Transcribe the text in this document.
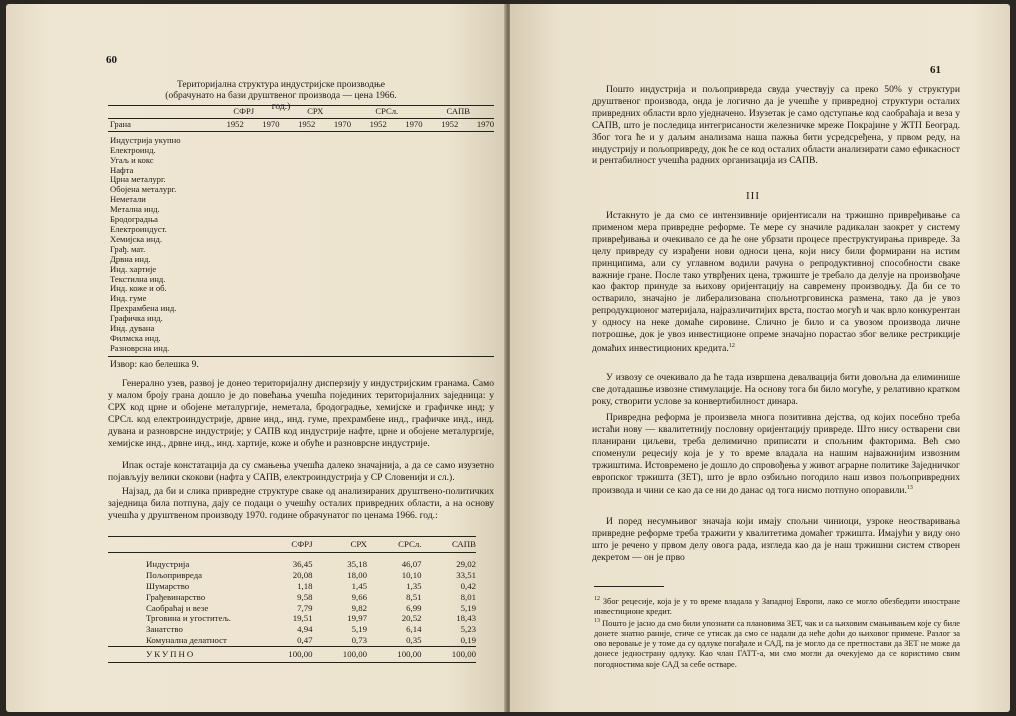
60
Територијална структура индустријске производње
(обрачунато на бази друштвеног производа — цена 1966. год.)
	СФРЈ		СРХ		СРСл.		САПВ	
Грана	1952	1970	1952	1970	1952	1970	1952	1970
Индустрија укупно								
Електроинд.								
Угаљ и кокс								
Нафта								
Црна металург.								
Обојена металург.								
Неметали								
Метална инд.								
Бродоградња								
Електроиндуст.								
Хемијска инд.								
Грађ. мат.								
Дрвна инд.								
Инд. хартије								
Текстилна инд.								
Инд. коже и об.								
Инд. гуме								
Прехрамбена инд.								
Графичка инд.								
Инд. дувана								
Филмска инд.								
Разноврсна инд.								
Извор: као белешка 9.
Генерално узев, развој је донео територијалну дисперзију у индустријским гранама. Само у малом броју грана дошло је до повећања учешћа појединих територијалних заједница: у СРХ код црне и обојене металургије, неметала, бродоградње, хемијске и графичке инд; у СРСл. код електроиндустрије, дрвне инд., инд. гуме, прехрамбене инд., графичке инд., инд. дувана и разноврсне индустрије; у САПВ код индустрије нафте, црне и обојене металургије, хемијске инд., дрвне инд., инд. хартије, коже и обуће и разноврсне индустрије.
Ипак остаје констатација да су смањења учешћа далеко значајнија, а да се само изузетно појављују велики скокови (нафта у САПВ, електроиндустрија у СР Словенији и сл.).
Најзад, да би и слика привредне структуре сваке од анализираних друштвено-политичких заједница била потпуна, дају се подаци о учешћу осталих привредних области, а на основу учешћа у друштвеном производу 1970. године обрачунатог по ценама 1966. год.:
	СФРЈ	СРХ	СРСл.	САПВ
Индустрија	36,45	35,18	46,07	29,02
Пољопривреда	20,08	18,00	10,10	33,51
Шумарство	1,18	1,45	1,35	0,42
Грађевинарство	9,58	9,66	8,51	8,01
Саобраћај и везе	7,79	9,82	6,99	5,19
Трговина и угоститељ.	19,51	19,97	20,52	18,43
Занатство	4,94	5,19	6,14	5,23
Комунална делатност	0,47	0,73	0,35	0,19
УКУПНО	100,00	100,00	100,00	100,00
61
Пошто индустрија и пољопривреда свуда учествују са преко 50% у структури друштвеног производа, онда је логично да је учешће у привредној структури осталих привредних области врло уједначено. Изузетак је само одступање код саобраћаја и веза у САПВ, што је последица интегрисаности железничке мреже Покрајине у ЖТП Београд. Због тога ће и у даљим анализама наша пажња бити усредсређена, у првом реду, на индустрију и пољопривреду, док ће се код осталих области анализирати само ефикасност и рентабилност учешћа радних организација из САПВ.
III
Истакнуто је да смо се интензивније оријентисали на тржишно привређивање са применом мера привредне реформе. Те мере су значиле радикалан заокрет у систему привређивања и очекивало се да ће оне убрзати процесе преструктуирања привреде. За целу привреду су израђени нови односи цена, који нису били формирани на истим принципима, али су углавном водили рачуна о репродуктивној способности сваке важније гране. После тако утврђених цена, тржиште је требало да делује на произвођаче као фактор принуде за њихову оријентацију на савремену производњу. Да би се то остварило, значајно је либерализована спољнотрговинска размена, тако да је увоз репродукционог материјала, најразличитијих врста, постао могућ и чак врло конкурентан у односу на неке домаће сировине. Слично је било и са увозом производа личне потрошње, док је увоз инвестиционе опреме значајно порастао због велике рестрикције домаћих инвестиционих кредита.$^{12}$
У извозу се очекивало да ће тада извршена девалвација бити довољна да елиминише све дотадашње извозне стимулације. На основу тога би било могуће, у релативно кратком року, створити услове за конвертибилност динара.
Привредна реформа је произвела многа позитивна дејства, од којих посебно треба истаћи нову — квалитетнију пословну оријентацију привреде. Што нису остварени сви планирани циљеви, треба делимично приписати и спољним факторима. Већ смо споменули рецесију која је у то време владала на нашим најважнијим извозним тржиштима. Истовремено је дошло до спровођења у живот аграрне политике Заједничког европског тржишта (ЗЕТ), што је врло озбиљно погодило наш извоз пољопривредних производа и чини се као да се ни до данас од тога нисмо потпуно опоравили.$^{13}$
И поред несумњивог значаја који имају спољни чиниоци, узроке неостваривања привредне реформе треба тражити у квалитетима домаћег тржишта. Имајући у виду оно што је речено у првом делу овога рада, изгледа као да је наш тржишни систем створен декретом — он је прво
$^{12}$ Због рецесије, која је у то време владала у Западној Европи, лако се могло обезбедити иностране инвестиционе кредит.
$^{13}$ Пошто је јасно да смо били упознати са плановима ЗЕТ, чак и са њиховим смањивањем које су биле донете знатно раније, стиче се утисак да смо се надали да неће доћи до њиховог примене. Разлог за ово веровање је у томе да су одлуке погађале и САД, па је могло да се претпостави да ЗЕТ не може да донесе једнострану одлуку. Као члан ГАТТ-а, ми смо могли да очекујемо да се користимо свим погодностима које САД за себе остваре.
